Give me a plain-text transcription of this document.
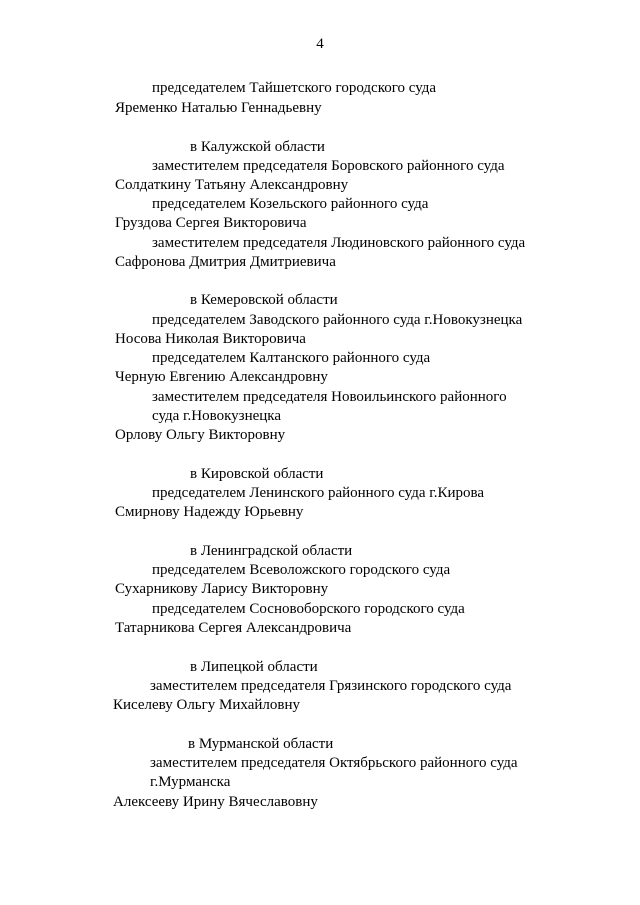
4
председателем Тайшетского городского суда
Яременко Наталью Геннадьевну
в Калужской области
заместителем председателя Боровского районного суда
Солдаткину Татьяну Александровну
председателем Козельского районного суда
Груздова Сергея Викторовича
заместителем председателя Людиновского районного суда
Сафронова Дмитрия Дмитриевича
в Кемеровской области
председателем Заводского районного суда г.Новокузнецка
Носова Николая Викторовича
председателем Калтанского районного суда
Черную Евгению Александровну
заместителем председателя Новоильинского районного
суда г.Новокузнецка
Орлову Ольгу Викторовну
в Кировской области
председателем Ленинского районного суда г.Кирова
Смирнову Надежду Юрьевну
в Ленинградской области
председателем Всеволожского городского суда
Сухарникову Ларису Викторовну
председателем Сосновоборского городского суда
Татарникова Сергея Александровича
в Липецкой области
заместителем председателя Грязинского городского суда
Киселеву Ольгу Михайловну
в Мурманской области
заместителем председателя Октябрьского районного суда
г.Мурманска
Алексееву Ирину Вячеславовну
